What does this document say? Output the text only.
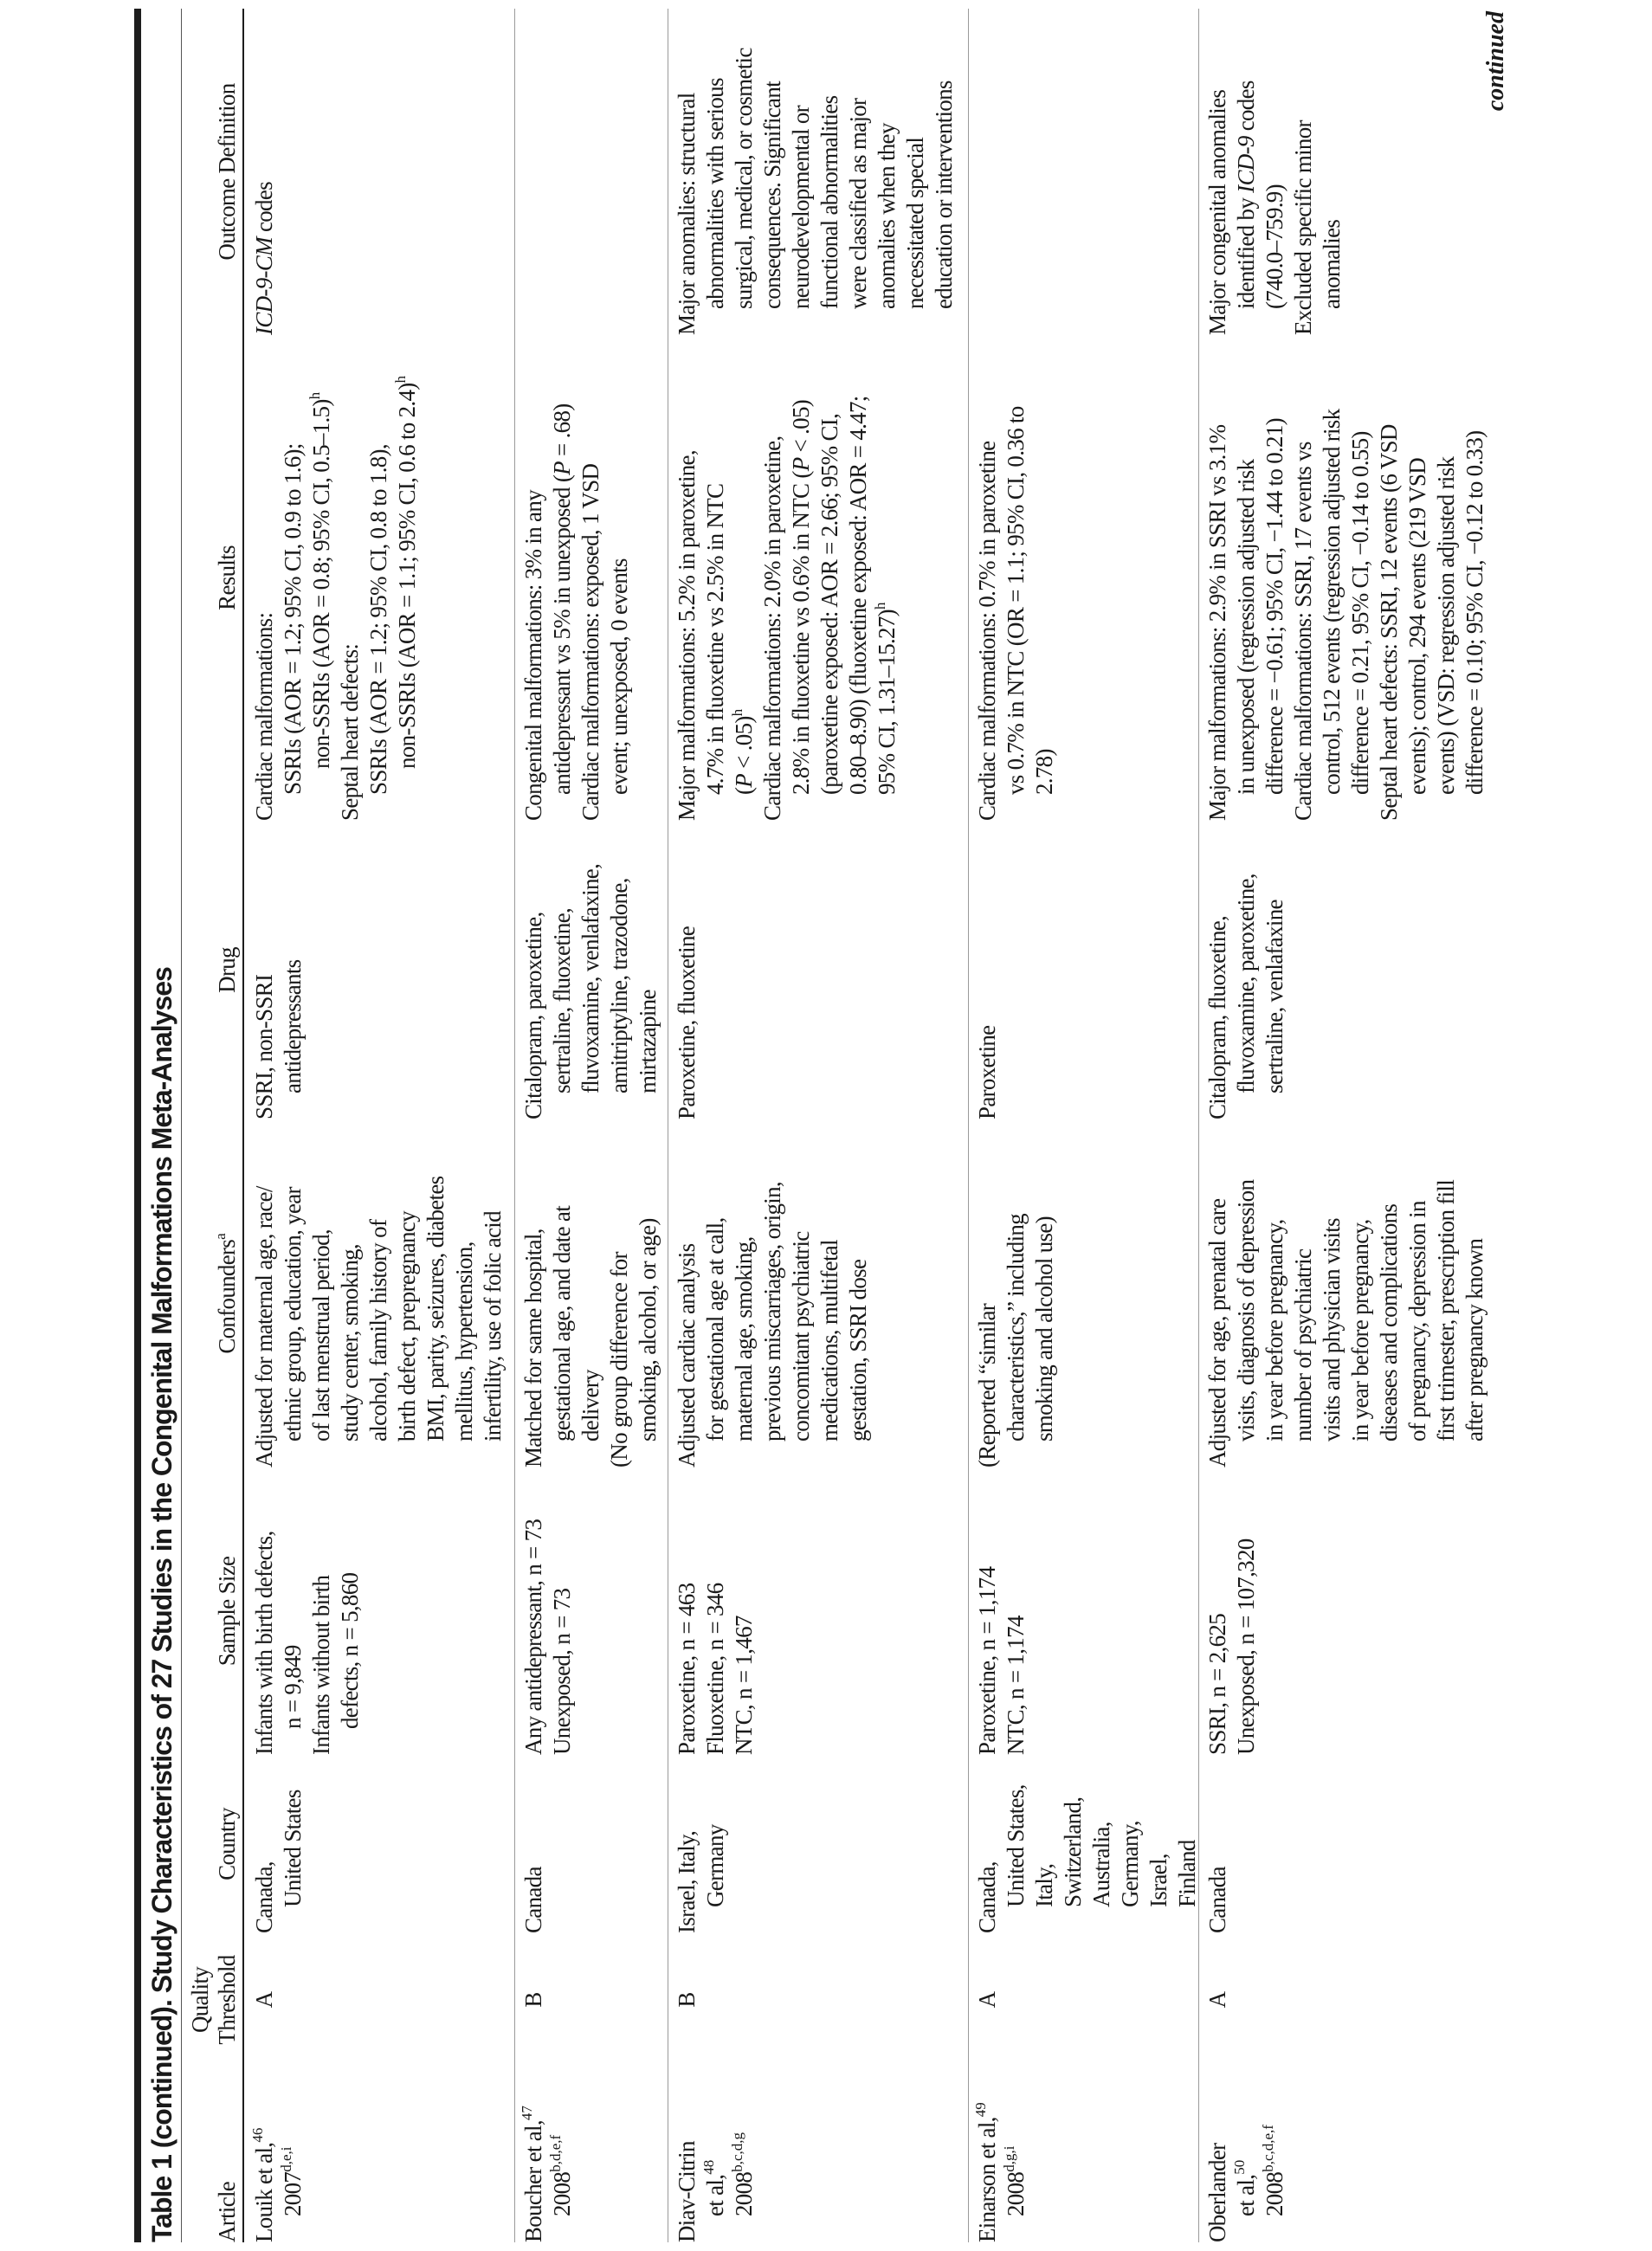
Table 1 (continued). Study Characteristics of 27 Studies in the Congenital Malformations Meta-Analyses Article
Quality Threshold
Country
Sample Size
Confounders$^a$
Drug
Results
Outcome Definition
Louik et al,$^{46}$
2007$^{d,e,i}$
A
Canada, United States
Infants with birth defects, n = 9,849 Infants without birth defects, n = 5,860
Adjusted for maternal age, race/ ethnic group, education, year of last menstrual period, study center, smoking, alcohol, family history of birth defect, prepregnancy BMI, parity, seizures, diabetes mellitus, hypertension, infertility, use of folic acid
SSRI, non-SSRI antidepressants
Cardiac malformations: SSRIs (AOR = 1.2; 95% CI, 0.9 to 1.6); non-SSRIs (AOR = 0.8; 95% CI, 0.5–1.5)$^h$
Septal heart defects: SSRIs (AOR = 1.2; 95% CI, 0.8 to 1.8), non-SSRIs (AOR = 1.1; 95% CI, 0.6 to 2.4)$^h$
ICD-9-CM codes
Boucher et al,$^{47}$
2008$^{b,d,e,f}$
B
Canada
Any antidepressant, n = 73 Unexposed, n = 73
Matched for same hospital, gestational age, and date at delivery (No group difference for smoking, alcohol, or age)
Citalopram, paroxetine, sertraline, fluoxetine, fluvoxamine, venlafaxine, amitriptyline, trazodone, mirtazapine
Congenital malformations: 3% in any antidepressant vs 5% in unexposed (P = .68)
Cardiac malformations: exposed, 1 VSD event; unexposed, 0 events
Diav-Citrin et al,$^{48}$
2008$^{b,c,d,g}$
B
Israel, Italy, Germany
Paroxetine, n = 463 Fluoxetine, n = 346 NTC, n = 1,467
Adjusted cardiac analysis for gestational age at call, maternal age, smoking, previous miscarriages, origin, concomitant psychiatric medications, multifetal gestation, SSRI dose
Paroxetine, fluoxetine
Major malformations: 5.2% in paroxetine, 4.7% in fluoxetine vs 2.5% in NTC (P < .05)$^h$ Cardiac malformations: 2.0% in paroxetine, 2.8% in fluoxetine vs 0.6% in NTC (P < .05) (paroxetine exposed: AOR = 2.66; 95% CI, 0.80–8.90) (fluoxetine exposed: AOR = 4.47; 95% CI, 1.31–15.27)$^h$
Major anomalies: structural abnormalities with serious surgical, medical, or cosmetic consequences. Significant neurodevelopmental or functional abnormalities were classified as major anomalies when they necessitated special education or interventions
Einarson et al,$^{49}$
2008$^{d,g,i}$
A
Canada, United States, Italy, Switzerland, Australia, Germany, Israel, Finland
Paroxetine, n = 1,174 NTC, n = 1,174
(Reported “similar characteristics,” including smoking and alcohol use)
Paroxetine
Cardiac malformations: 0.7% in paroxetine vs 0.7% in NTC (OR = 1.1; 95% CI, 0.36 to 2.78)
Oberlander et al,$^{50}$
2008$^{b,c,d,e,f}$
A
Canada
SSRI, n = 2,625 Unexposed, n = 107,320
Adjusted for age, prenatal care visits, diagnosis of depression in year before pregnancy, number of psychiatric visits and physician visits in year before pregnancy, diseases and complications of pregnancy, depression in first trimester, prescription fill after pregnancy known
Citalopram, fluoxetine, fluvoxamine, paroxetine, sertraline, venlafaxine
Major malformations: 2.9% in SSRI vs 3.1% in unexposed (regression adjusted risk difference = −0.61; 95% CI, −1.44 to 0.21) Cardiac malformations: SSRI, 17 events vs control, 512 events (regression adjusted risk difference = 0.21, 95% CI, −0.14 to 0.55) Septal heart defects: SSRI, 12 events (6 VSD events); control, 294 events (219 VSD events) (VSD: regression adjusted risk difference = 0.10; 95% CI, −0.12 to 0.33)
Major congenital anomalies identified by ICD-9 codes
(740.0–759.9) Excluded specific minor anomalies
continued
